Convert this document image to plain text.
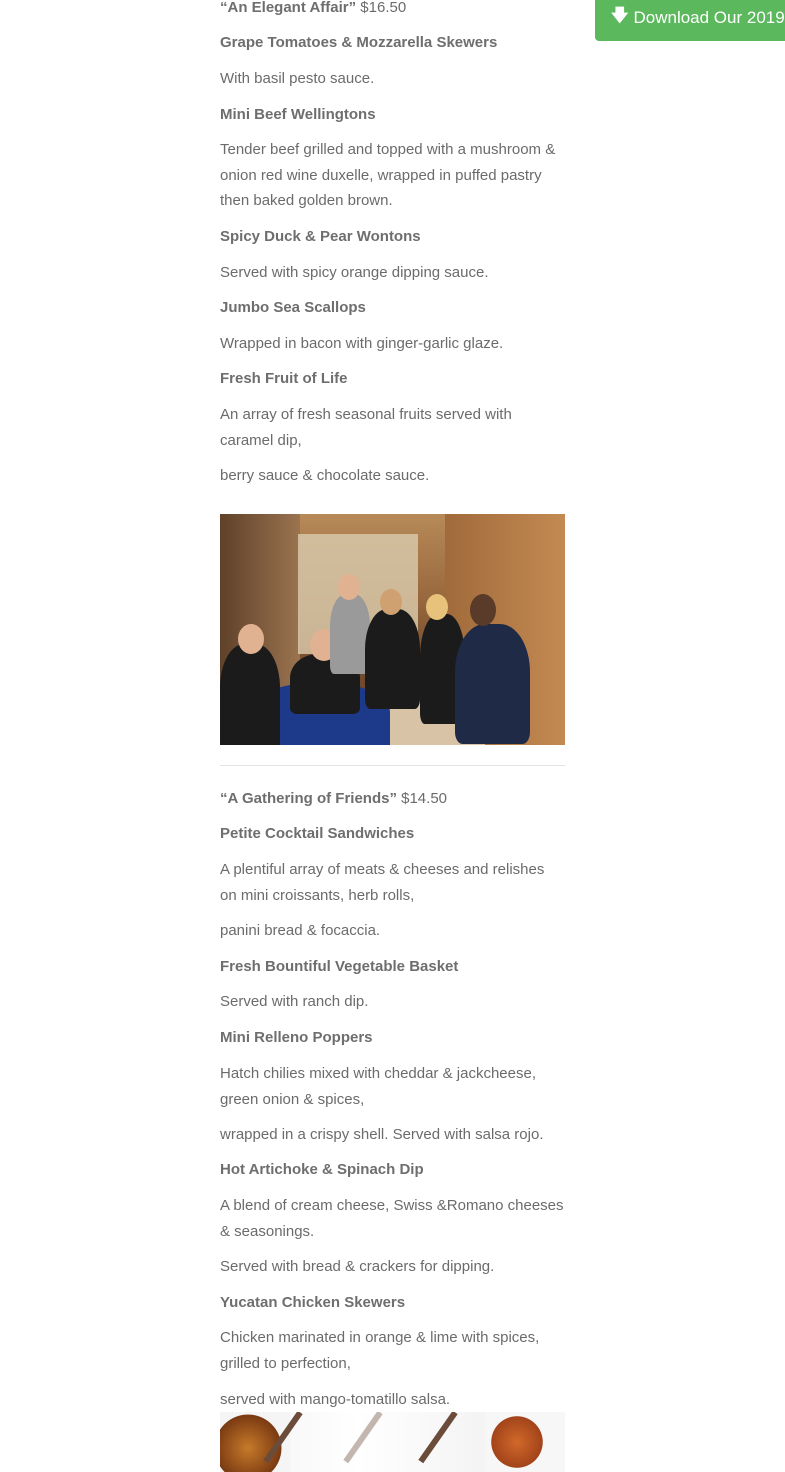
🡇 Download Our 2019

“An Elegant Affair” $16.50

Grape Tomatoes & Mozzarella Skewers

With basil pesto sauce.

Mini Beef Wellingtons

Tender beef grilled and topped with a mushroom & onion red wine duxelle, wrapped in puffed pastry then baked golden brown.

Spicy Duck & Pear Wontons

Served with spicy orange dipping sauce.

Jumbo Sea Scallops

Wrapped in bacon with ginger-garlic glaze.

Fresh Fruit of Life

An array of fresh seasonal fruits served with caramel dip,

berry sauce & chocolate sauce.

“A Gathering of Friends” $14.50

Petite Cocktail Sandwiches

A plentiful array of meats & cheeses and relishes on mini croissants, herb rolls,

panini bread & focaccia.

Fresh Bountiful Vegetable Basket

Served with ranch dip.

Mini Relleno Poppers

Hatch chilies mixed with cheddar & jackcheese, green onion & spices,

wrapped in a crispy shell. Served with salsa rojo.

Hot Artichoke & Spinach Dip

A blend of cream cheese, Swiss &Romano cheeses & seasonings.

Served with bread & crackers for dipping.

Yucatan Chicken Skewers

Chicken marinated in orange & lime with spices, grilled to perfection,

served with mango-tomatillo salsa.
